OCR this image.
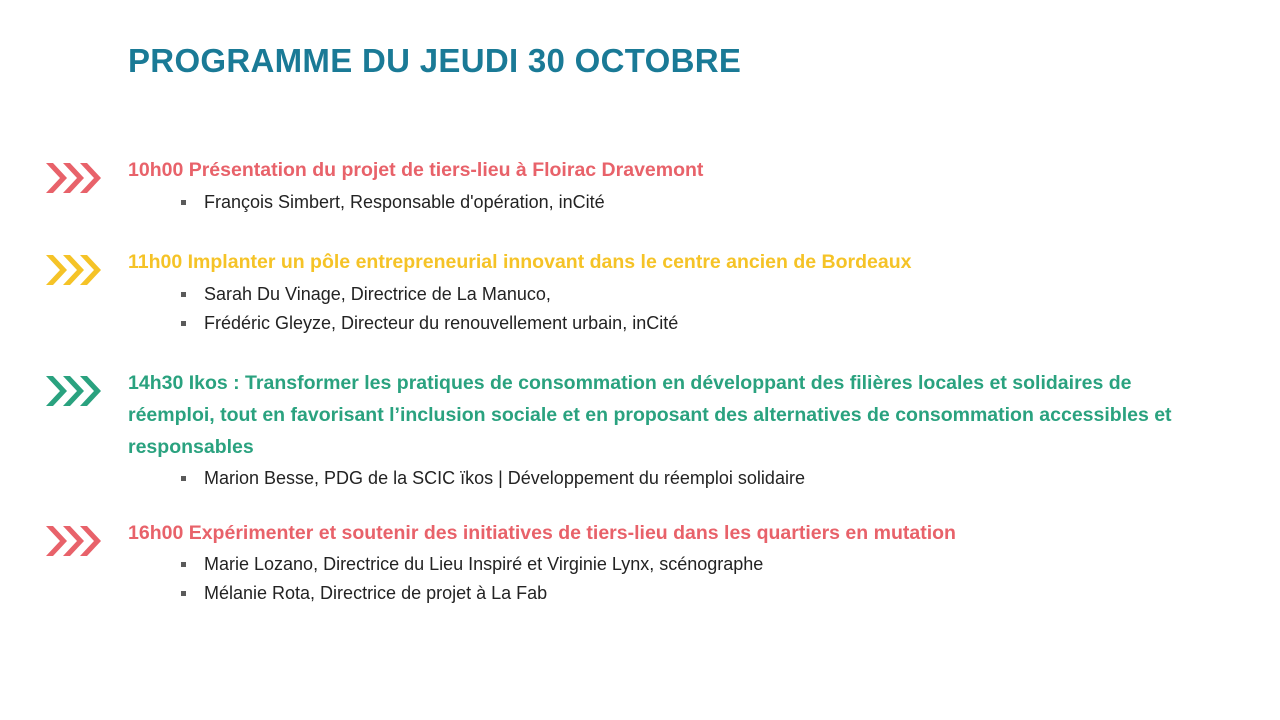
PROGRAMME DU JEUDI 30 OCTOBRE
10h00 Présentation du projet de tiers-lieu à Floirac Dravemont
François Simbert, Responsable d'opération, inCité
11h00 Implanter un pôle entrepreneurial innovant dans le centre ancien de Bordeaux
Sarah Du Vinage, Directrice de La Manuco,
Frédéric Gleyze, Directeur du renouvellement urbain, inCité
14h30 Ikos : Transformer les pratiques de consommation en développant des filières locales et solidaires de réemploi, tout en favorisant l’inclusion sociale et en proposant des alternatives de consommation accessibles et responsables
Marion Besse, PDG de la SCIC ïkos | Développement du réemploi solidaire
16h00 Expérimenter et soutenir des initiatives de tiers-lieu dans les quartiers en mutation
Marie Lozano, Directrice du Lieu Inspiré et Virginie Lynx, scénographe
Mélanie Rota, Directrice de projet à La Fab
